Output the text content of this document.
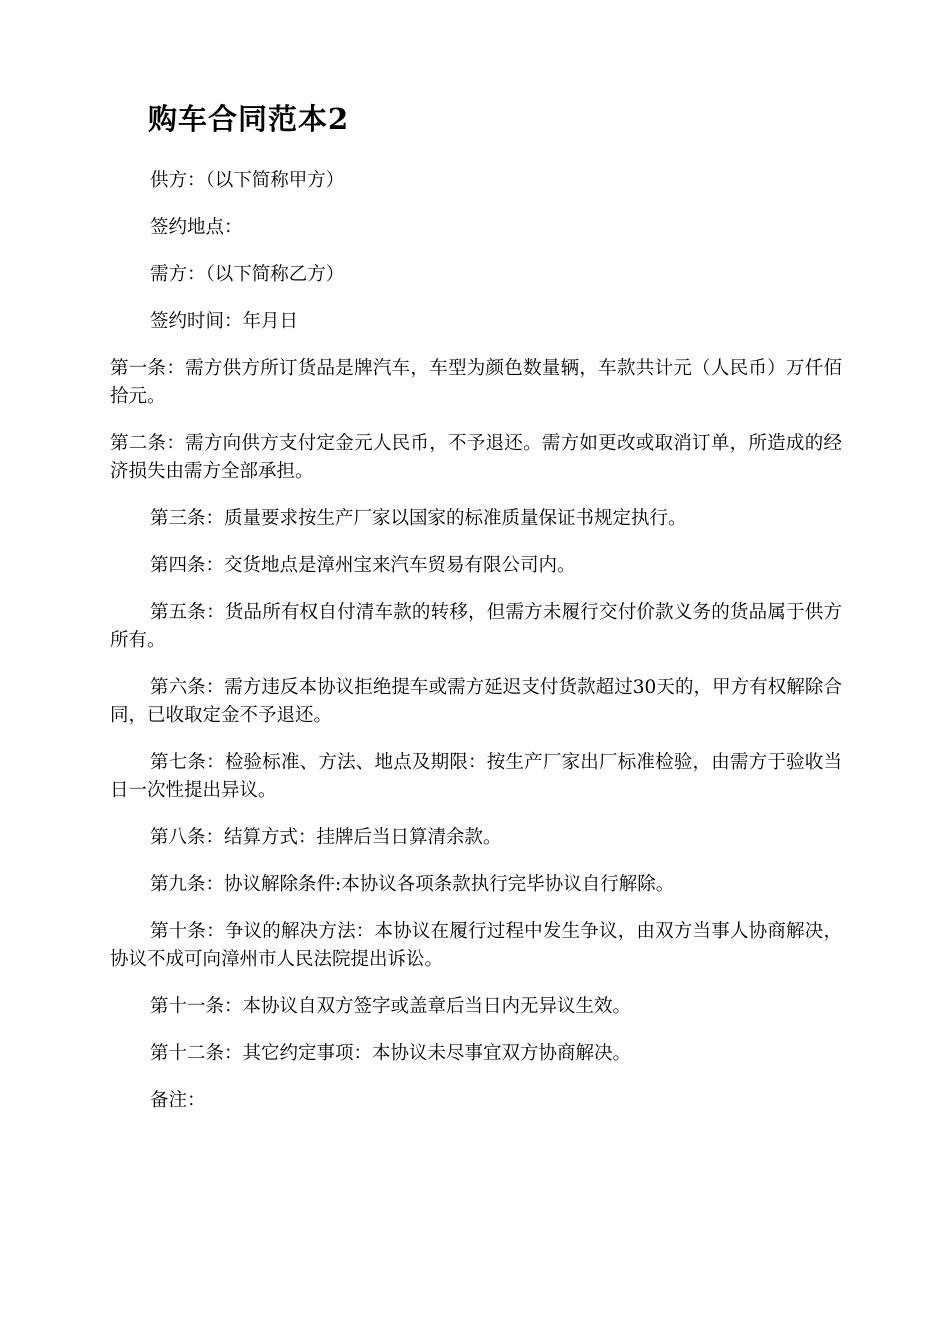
购车合同范本2

供方：（以下简称甲方）

签约地点：

需方：（以下简称乙方）

签约时间：年月日

第一条：需方供方所订货品是牌汽车，车型为颜色数量辆，车款共计元（人民币）万仟佰拾元。

第二条：需方向供方支付定金元人民币，不予退还。需方如更改或取消订单，所造成的经济损失由需方全部承担。

第三条：质量要求按生产厂家以国家的标准质量保证书规定执行。

第四条：交货地点是漳州宝来汽车贸易有限公司内。

第五条：货品所有权自付清车款的转移，但需方未履行交付价款义务的货品属于供方所有。

第六条：需方违反本协议拒绝提车或需方延迟支付货款超过30天的，甲方有权解除合同，已收取定金不予退还。

第七条：检验标准、方法、地点及期限：按生产厂家出厂标准检验，由需方于验收当日一次性提出异议。

第八条：结算方式：挂牌后当日算清余款。

第九条：协议解除条件:本协议各项条款执行完毕协议自行解除。

第十条：争议的解决方法：本协议在履行过程中发生争议，由双方当事人协商解决，协议不成可向漳州市人民法院提出诉讼。

第十一条：本协议自双方签字或盖章后当日内无异议生效。

第十二条：其它约定事项：本协议未尽事宜双方协商解决。

备注：
